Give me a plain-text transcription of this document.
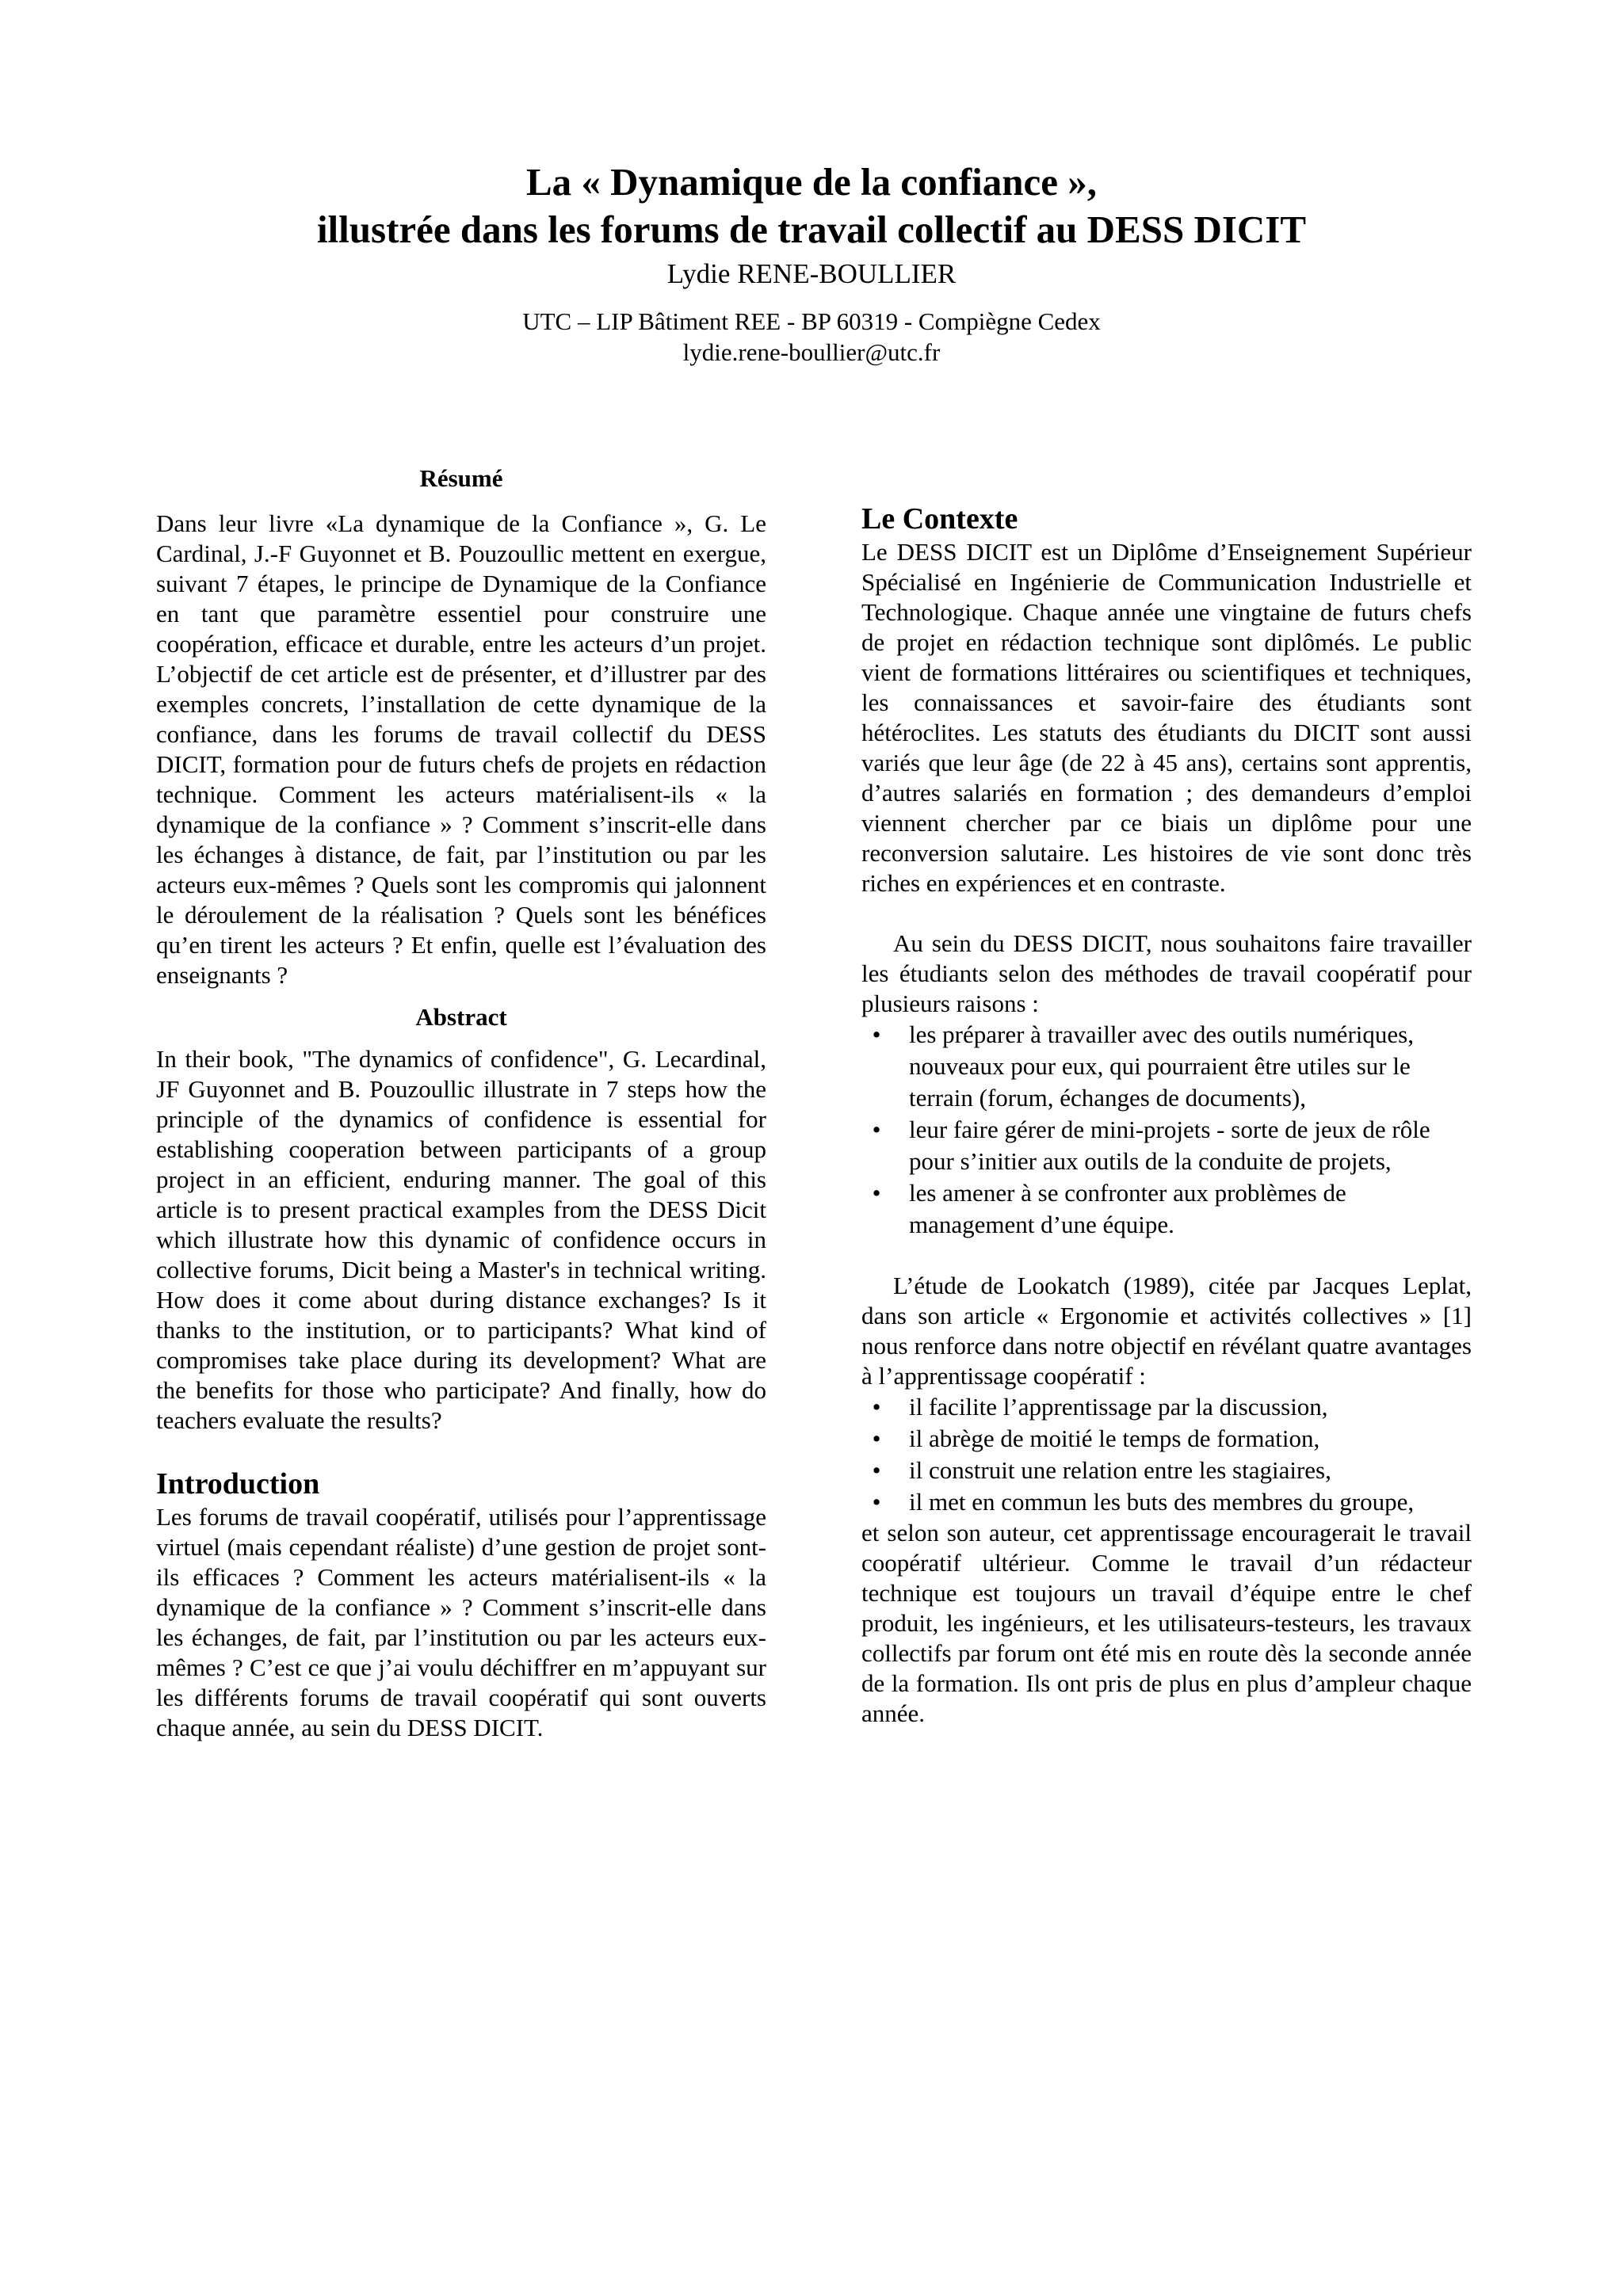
La « Dynamique de la confiance »,
illustrée dans les forums de travail collectif au DESS DICIT
Lydie RENE-BOULLIER
UTC – LIP Bâtiment REE - BP 60319 - Compiègne Cedex
lydie.rene-boullier@utc.fr
Résumé

Dans leur livre «La dynamique de la Confiance », G. Le Cardinal, J.-F Guyonnet et B. Pouzoullic mettent en exergue, suivant 7 étapes, le principe de Dynamique de la Confiance en tant que paramètre essentiel pour construire une coopération, efficace et durable, entre les acteurs d’un projet. L’objectif de cet article est de présenter, et d’illustrer par des exemples concrets, l’installation de cette dynamique de la confiance, dans les forums de travail collectif du DESS DICIT, formation pour de futurs chefs de projets en rédaction technique. Comment les acteurs matérialisent-ils « la dynamique de la confiance » ? Comment s’inscrit-elle dans les échanges à distance, de fait, par l’institution ou par les acteurs eux-mêmes ? Quels sont les compromis qui jalonnent le déroulement de la réalisation ? Quels sont les bénéfices qu’en tirent les acteurs ? Et enfin, quelle est l’évaluation des enseignants ?

Abstract

In their book, "The dynamics of confidence", G. Lecardinal, JF Guyonnet and B. Pouzoullic illustrate in 7 steps how the principle of the dynamics of confidence is essential for establishing cooperation between participants of a group project in an efficient, enduring manner. The goal of this article is to present practical examples from the DESS Dicit which illustrate how this dynamic of confidence occurs in collective forums, Dicit being a Master's in technical writing. How does it come about during distance exchanges? Is it thanks to the institution, or to participants? What kind of compromises take place during its development? What are the benefits for those who participate? And finally, how do teachers evaluate the results?

Introduction

Les forums de travail coopératif, utilisés pour l’apprentissage virtuel (mais cependant réaliste) d’une gestion de projet sont-ils efficaces ? Comment les acteurs matérialisent-ils « la dynamique de la confiance » ? Comment s’inscrit-elle dans les échanges, de fait, par l’institution ou par les acteurs eux-mêmes ? C’est ce que j’ai voulu déchiffrer en m’appuyant sur les différents forums de travail coopératif qui sont ouverts chaque année, au sein du DESS DICIT.

Le Contexte

Le DESS DICIT est un Diplôme d’Enseignement Supérieur Spécialisé en Ingénierie de Communication Industrielle et Technologique. Chaque année une vingtaine de futurs chefs de projet en rédaction technique sont diplômés. Le public vient de formations littéraires ou scientifiques et techniques, les connaissances et savoir-faire des étudiants sont hétéroclites. Les statuts des étudiants du DICIT sont aussi variés que leur âge (de 22 à 45 ans), certains sont apprentis, d’autres salariés en formation ; des demandeurs d’emploi viennent chercher par ce biais un diplôme pour une reconversion salutaire. Les histoires de vie sont donc très riches en expériences et en contraste.

Au sein du DESS DICIT, nous souhaitons faire travailler les étudiants selon des méthodes de travail coopératif pour plusieurs raisons :

•	les préparer à travailler avec des outils numériques, nouveaux pour eux, qui pourraient être utiles sur le terrain (forum, échanges de documents),
•	leur faire gérer de mini-projets - sorte de jeux de rôle pour s’initier aux outils de la conduite de projets,
•	les amener à se confronter aux problèmes de management d’une équipe.

L’étude de Lookatch (1989), citée par Jacques Leplat, dans son article « Ergonomie et activités collectives » [1] nous renforce dans notre objectif en révélant quatre avantages à l’apprentissage coopératif :

•	il facilite l’apprentissage par la discussion,
•	il abrège de moitié le temps de formation,
•	il construit une relation entre les stagiaires,
•	il met en commun les buts des membres du groupe,

et selon son auteur, cet apprentissage encouragerait le travail coopératif ultérieur. Comme le travail d’un rédacteur technique est toujours un travail d’équipe entre le chef produit, les ingénieurs, et les utilisateurs-testeurs, les travaux collectifs par forum ont été mis en route dès la seconde année de la formation. Ils ont pris de plus en plus d’ampleur chaque année.
